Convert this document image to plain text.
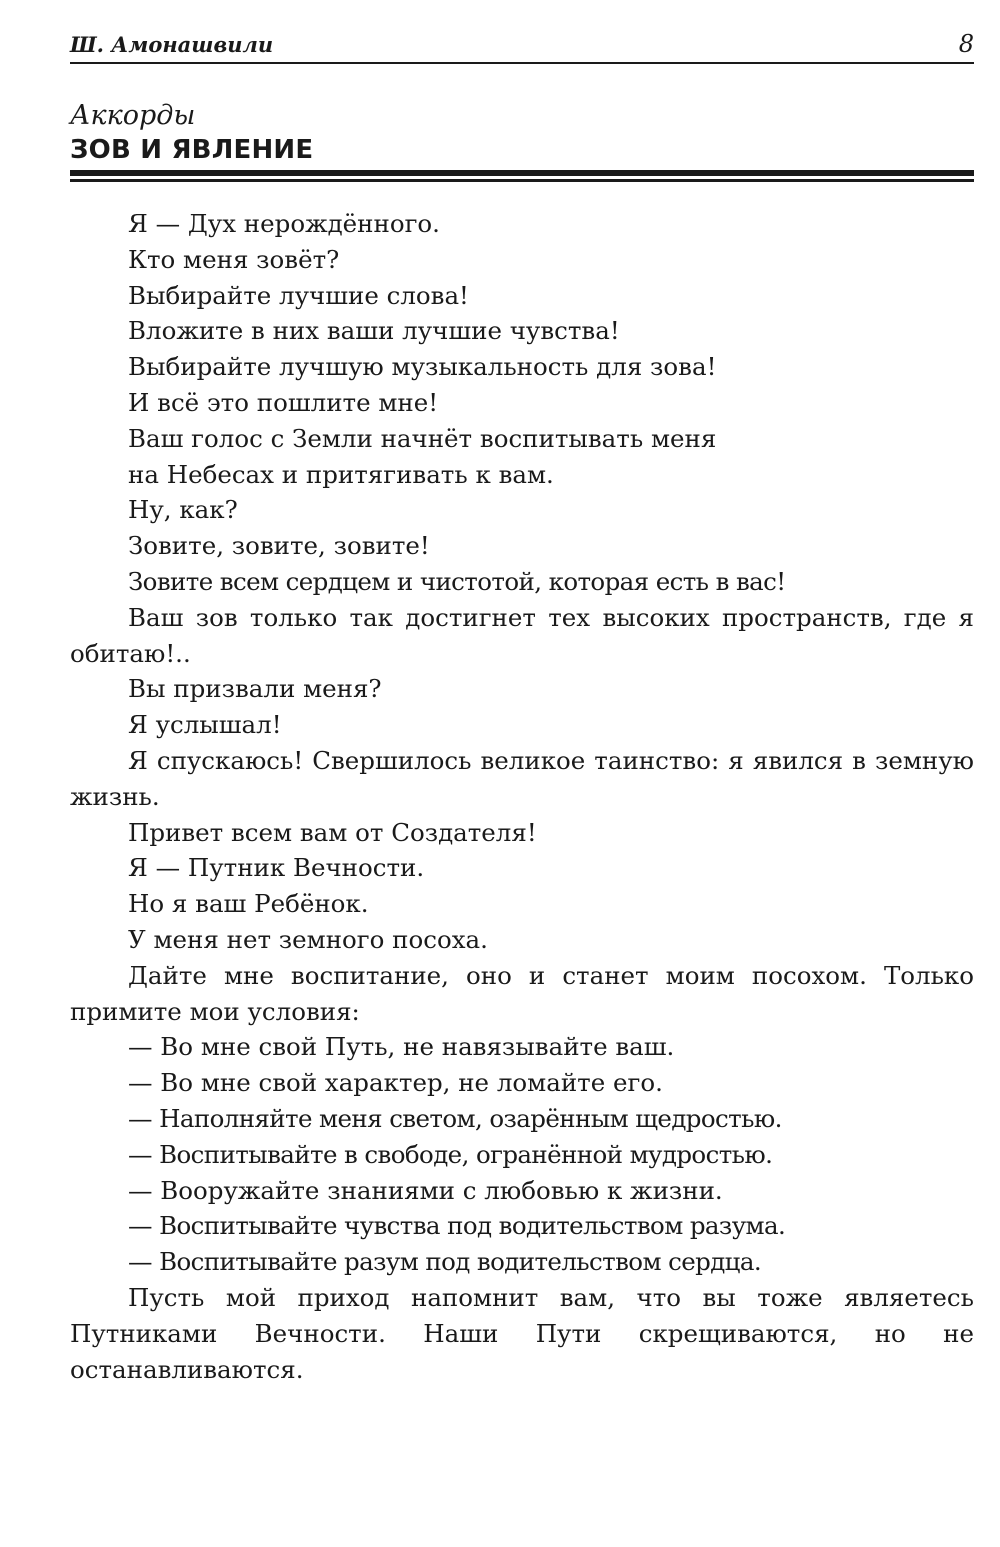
Ш. Амонашвили	8
Аккорды
ЗОВ И ЯВЛЕНИЕ

Я — Дух нерождённого.

Кто меня зовёт?

Выбирайте лучшие слова!

Вложите в них ваши лучшие чувства!

Выбирайте лучшую музыкальность для зова!

И всё это пошлите мне!

Ваш голос с Земли начнёт воспитывать меня

на Небесах и притягивать к вам.

Ну, как?

Зовите, зовите, зовите!

Зовите всем сердцем и чистотой, которая есть в вас!

Ваш зов только так достигнет тех высоких пространств, где я обитаю!..

Вы призвали меня?

Я услышал!

Я спускаюсь! Свершилось великое таинство: я явился в земную жизнь.

Привет всем вам от Создателя!

Я — Путник Вечности.

Но я ваш Ребёнок.

У меня нет земного посоха.

Дайте мне воспитание, оно и станет моим посохом. Только примите мои условия:

— Во мне свой Путь, не навязывайте ваш.

— Во мне свой характер, не ломайте его.

— Наполняйте меня светом, озарённым щедростью.

— Воспитывайте в свободе, огранённой мудростью.

— Вооружайте знаниями с любовью к жизни.

— Воспитывайте чувства под водительством разума.

— Воспитывайте разум под водительством сердца.

Пусть мой приход напомнит вам, что вы тоже являетесь Путниками Вечности. Наши Пути скрещиваются, но не останавливаются.
